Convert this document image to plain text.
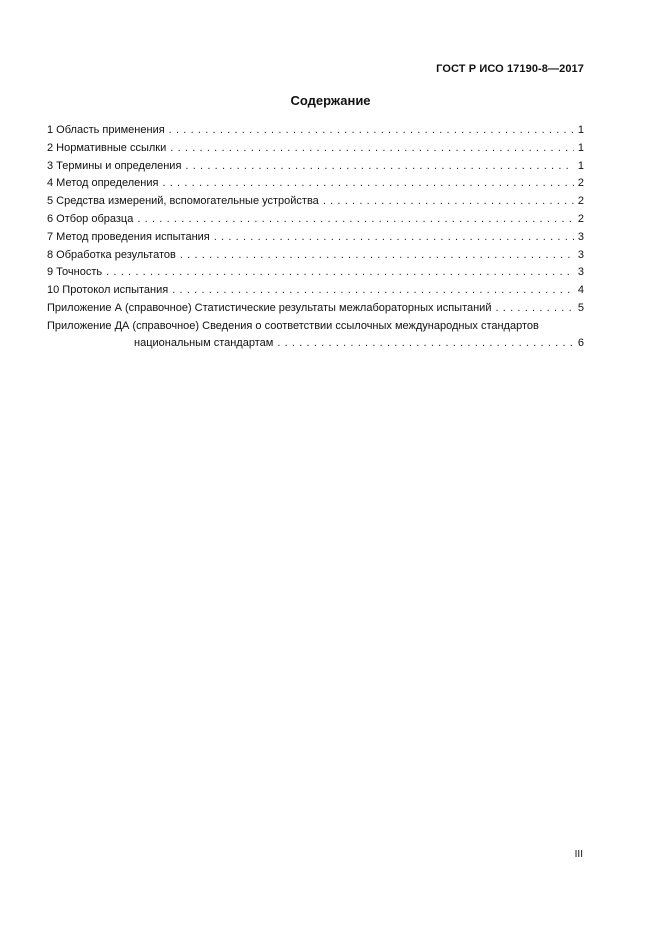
ГОСТ Р ИСО 17190-8—2017
Содержание
1 Область применения . . .	1
2 Нормативные ссылки . . .	1
3 Термины и определения . . .	1
4 Метод определения . . .	2
5 Средства измерений, вспомогательные устройства . . .	2
6 Отбор образца . . .	2
7 Метод проведения испытания . . .	3
8 Обработка результатов . . .	3
9 Точность . . .	3
10 Протокол испытания . . .	4
Приложение А (справочное) Статистические результаты межлабораторных испытаний . . .	5
Приложение ДА (справочное) Сведения о соответствии ссылочных международных стандартов
национальным стандартам . . .	6
III
